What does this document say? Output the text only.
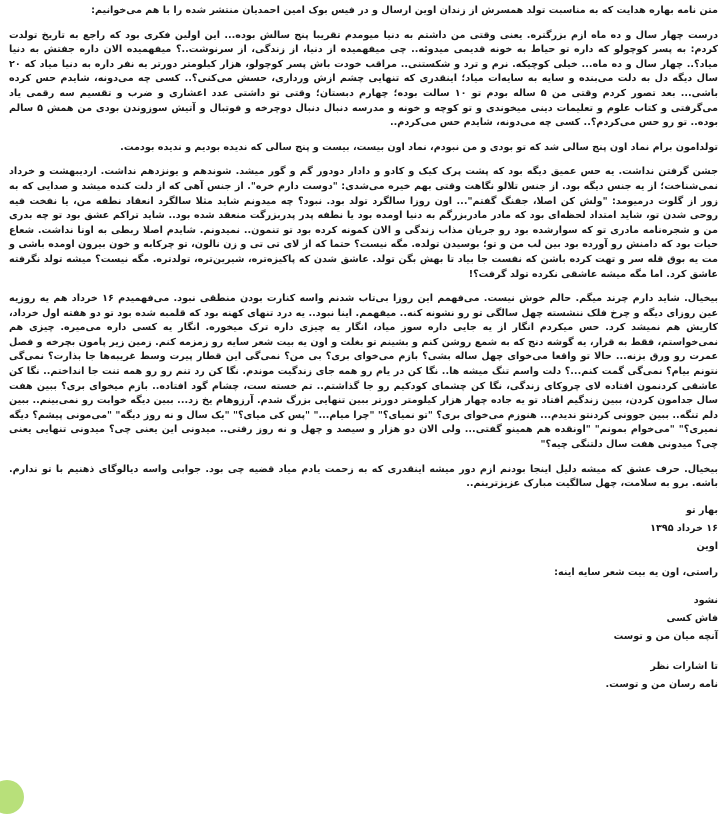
متن نامه بهاره هدایت که به مناسبت تولد همسرش از زندان اوین ارسال و در فیس بوک امین احمدیان منتشر شده را با هم می‌خوانیم:

درست چهار سال و ده ماه ازم بزرگتره. یعنی وقتی من داشتم به دنیا میومدم تقریبا پنج سالش بوده... این اولین فکری بود که راجع به تاریخ تولدت کردم: به پسر کوچولو که داره تو حیاط به خونه قدیمی میدوئه.. چی میفهمیده از دنیا، از زندگی، از سرنوشت..؟ میفهمیده الان داره جفتش به دنیا میاد؟.. چهار سال و ده ماه... خیلی کوچیکه. نرم و ترد و شکستنی.. مراقب خودت باش پسر کوچولو، هزار کیلومتر دورتر یه نفر داره به دنیا میاد که ۲۰ سال دیگه دل به دلت می‌بنده و سایه به سایه‌ات میاد؛ اینقدری که تنهایی چشم ازش ورداری، حسش می‌کنی؟.. کسی چه می‌دونه، شایدم حس کرده باشی... بعد تصور کردم وقتی من ۵ ساله بودم تو ۱۰ سالت بوده؛ چهارم دبستان؛ وقتی تو داشتی عدد اعشاری و ضرب و تقسیم سه رقمی یاد می‌گرفتی و کتاب علوم و تعلیمات دینی میخوندی و تو کوچه و خونه و مدرسه دنبال دنبال دوچرخه و فوتبال و آتیش سوزوندن بودی من همش ۵ سالم بوده.. تو رو حس می‌کردم؟.. کسی چه می‌دونه، شایدم حس می‌کردم..

تولدامون برام نماد اون پنج سالی شد که تو بودی و من نبودم، نماد اون بیست، بیست و پنج سالی که ندیده بودیم و ندیده بودمت.

جشن گرفتن نداشت. یه حس عمیق دیگه بود که پشت پرک کیک و کادو و دادار دودور گم و گور میشد. شوندهم و یونزدهم نداشت. اردیبهشت و خرداد نمی‌شناخت؛ از یه جنس دیگه بود. از جنس تلالو نگاهت وقتی بهم خیره می‌شدی: "دوست دارم خره". از جنس آهی که از دلت کنده میشد و صدایی که به زور از گلوت درمیومد: "ولش کن اصلا، جفنگ گفتم"... اون روزا سالگرد تولد بود. نبود؟ چه میدونم شاید مثلا سالگرد انعقاد نطفه من، یا نفخت فیه روحی شدن تو، شاید امتداد لحظه‌ای بود که مادر مادربزرگم به دنیا اومده بود یا نطفه پدر پدربزرگت منعقد شده بود.. شاید تراکم عشق بود تو چه بدری من و شجره‌نامه مادری تو که سوارشده بود رو جریان مذاب زندگی و الان کمونه کرده بود تو تنمون.. نمیدونم. شایدم اصلا ربطی به اونا نداشت. شعاع حیات بود که دامنش رو آورده بود بین لب من و تو؛ بوسیدن تولده. مگه نیست؟ حتما که از لای تی تی و زن نالون، تو چرکابه و خون بیرون اومده باشی و مت یه بوق قله سر و تهت کرده باشن که نفست جا بیاد تا بهش بگن تولد. عاشق شدن که پاکیزه‌تره، شیرین‌تره، تولدتره. مگه نیست؟ میشه تولد نگرفته عاشق کرد. اما مگه میشه عاشقی نکرده تولد گرفت؟!

بیخیال. شاید دارم چرند میگم. حالم خوش نیست. می‌فهمم این روزا بی‌تاب شدنم واسه کنارت بودن منطقی نبود. می‌فهمیدم ۱۶ خرداد هم یه روزیه عین روزای دیگه و چرخ فلک ننشسته چهل سالگی تو رو نشونه کنه.. میفهمم. اینا نبود.. یه درد تنهای کهنه بود که قلمبه شده بود تو دو هفته اول خرداد، کاریش هم نمیشد کرد. حس میکردم انگار از یه جایی داره سوز میاد، انگار یه چیزی داره ترک میخوره. انگار یه کسی داره می‌میره. چیزی هم نمی‌خواستم، فقط به قرار، یه گوشه دنج که به شمع روشن کنم و بشینم تو بغلت و اون یه بیت شعر سایه رو زمزمه کنم. زمین زیر پامون بچرخه و فصل عمرت رو ورق بزنه... حالا تو واقعا می‌خوای چهل ساله بشی؟ بازم می‌خوای بری؟ بی من؟ نمی‌گی این قطار پیرت وسط غریبه‌ها جا بذارت؟ نمی‌گی نتونم بیام؟ نمی‌گی گمت کنم...؟ دلت واسم تنگ میشه ها.. نگا کن در یام رو همه جای زندگیت موندم. نگا کن رد تنم رو رو همه تنت جا انداختم.. نگا کن عاشقی کردنمون افتاده لای چروکای زندگی، نگا کن چشمای کودکیم رو جا گذاشتم.. تم خسته ست، چشام گود افتاده.. بازم میخوای بری؟ ببین هفت سال جدامون کردن، ببین زندگیم افتاد تو یه جاده چهار هزار کیلومتر دورتر ببین تنهایی بزرگ شدم. آرزوهام یخ زد... ببین دیگه خوابت رو نمی‌بینم.. ببین دلم تنگه.. ببین جوونی کردنتو ندیدم... هنوزم می‌خوای بری؟ "تو نمیای؟" "چرا میام..." "پس کی میای؟" "یک سال و نه روز دیگه" "می‌مونی پیشم؟ دیگه نمیری؟" "می‌خوام بمونم" "اونقده هم همینو گفتی... ولی الان دو هزار و سیصد و چهل و نه روز رفتی.. میدونی این یعنی چی؟ میدونی تنهایی یعنی چی؟ میدونی هفت سال دلتنگی چیه؟"

بیخیال. حرف عشق که میشه دلیل اینجا بودنم ازم دور میشه اینقدری که به زحمت یادم میاد قضیه چی بود. جوابی واسه دیالوگای ذهنیم با تو ندارم. باشه. برو به سلامت، چهل سالگیت مبارک عزیزترینم..

بهار تو
۱۶ خرداد ۱۳۹۵
اوین

راستی، اون یه بیت شعر سایه اینه:

نشود
فاش کسی
آنچه میان من و توست
تا اشارات نظر
نامه رسان من و توست.
